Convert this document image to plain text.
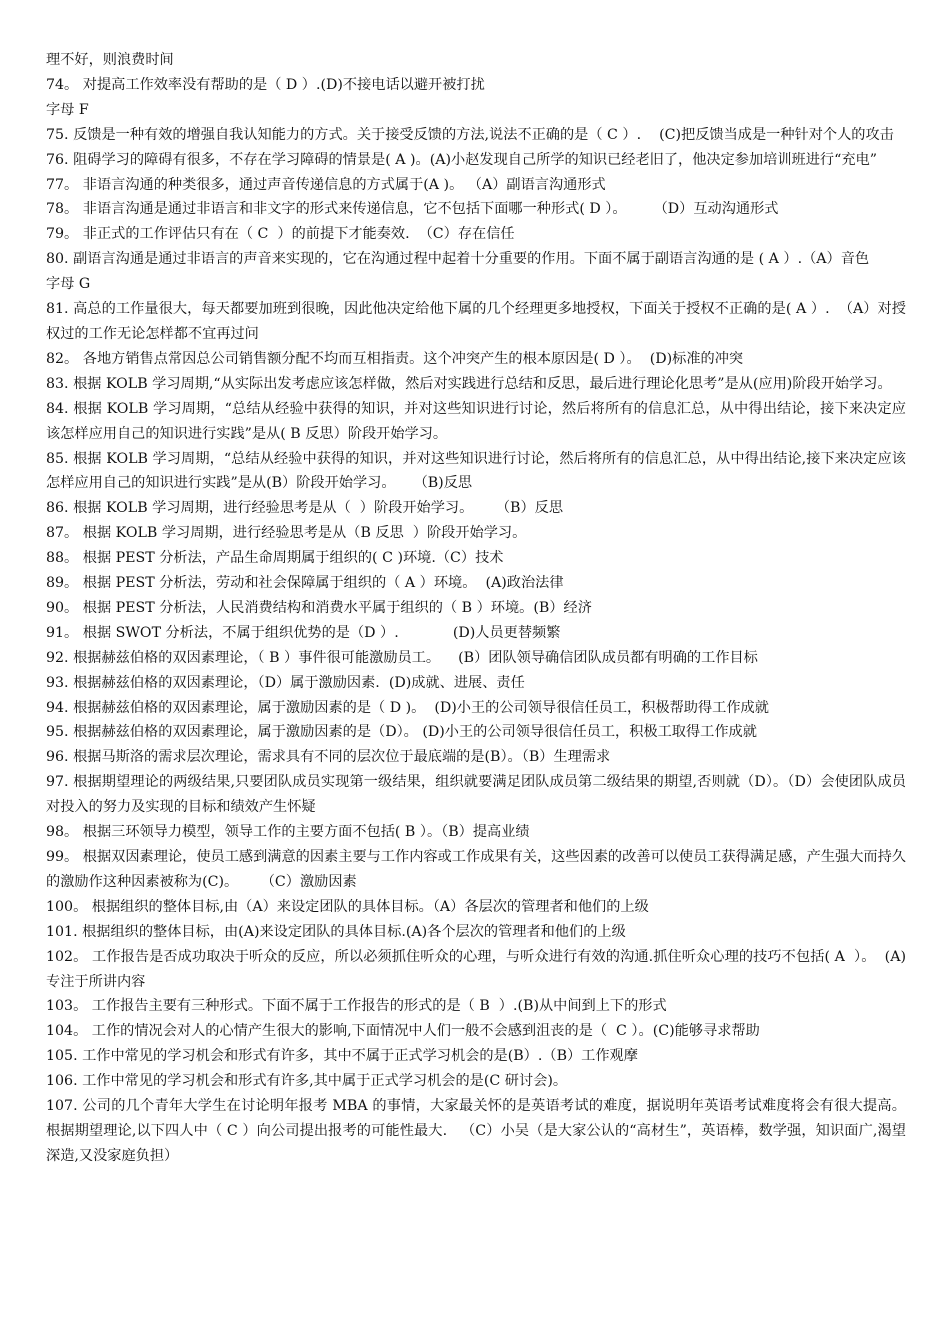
理不好，则浪费时间
74。 对提高工作效率没有帮助的是（ D ）.(D)不接电话以避开被打扰
字母 F
75. 反馈是一种有效的增强自我认知能力的方式。关于接受反馈的方法,说法不正确的是（ C ）.    (C)把反馈当成是一种针对个人的攻击
76. 阻碍学习的障碍有很多，不存在学习障碍的情景是( A )。(A)小赵发现自己所学的知识已经老旧了，他决定参加培训班进行“充电”
77。 非语言沟通的种类很多，通过声音传递信息的方式属于(A )。 （A）副语言沟通形式
78。 非语言沟通是通过非语言和非文字的形式来传递信息，它不包括下面哪一种形式( D ）。      （D）互动沟通形式
79。 非正式的工作评估只有在（ C  ）的前提下才能奏效.  （C）存在信任
80. 副语言沟通是通过非语言的声音来实现的，它在沟通过程中起着十分重要的作用。下面不属于副语言沟通的是 ( A ）.（A）音色
字母 G
81. 高总的工作量很大，每天都要加班到很晚，因此他决定给他下属的几个经理更多地授权，下面关于授权不正确的是( A ）.  （A）对授权过的工作无论怎样都不宜再过问
82。 各地方销售点常因总公司销售额分配不均而互相指责。这个冲突产生的根本原因是( D ）。  (D)标准的冲突
83. 根据 KOLB 学习周期,“从实际出发考虑应该怎样做，然后对实践进行总结和反思，最后进行理论化思考”是从(应用)阶段开始学习。
84. 根据 KOLB 学习周期，“总结从经验中获得的知识，并对这些知识进行讨论，然后将所有的信息汇总，从中得出结论，接下来决定应该怎样应用自己的知识进行实践”是从( B 反思）阶段开始学习。
85. 根据 KOLB 学习周期，“总结从经验中获得的知识，并对这些知识进行讨论，然后将所有的信息汇总，从中得出结论,接下来决定应该怎样应用自己的知识进行实践”是从(B）阶段开始学习。    （B)反思
86. 根据 KOLB 学习周期，进行经验思考是从（  ）阶段开始学习。     （B）反思
87。 根据 KOLB 学习周期，进行经验思考是从（B 反思  ）阶段开始学习。
88。 根据 PEST 分析法，产品生命周期属于组织的( C )环境.（C）技术
89。 根据 PEST 分析法，劳动和社会保障属于组织的（ A ）环境。  (A)政治法律
90。 根据 PEST 分析法，人民消费结构和消费水平属于组织的（ B ）环境。(B）经济
91。 根据 SWOT 分析法，不属于组织优势的是（D ）.            (D)人员更替频繁
92. 根据赫兹伯格的双因素理论，（ B ）事件很可能激励员工。    (B）团队领导确信团队成员都有明确的工作目标
93. 根据赫兹伯格的双因素理论，（D）属于激励因素.  (D)成就、进展、责任
94. 根据赫兹伯格的双因素理论，属于激励因素的是（ D )。  (D)小王的公司领导很信任员工，积极帮助得工作成就
95. 根据赫兹伯格的双因素理论，属于激励因素的是（D）。 (D)小王的公司领导很信任员工，积极工取得工作成就
96. 根据马斯洛的需求层次理论，需求具有不同的层次位于最底端的是(B）。（B）生理需求
97. 根据期望理论的两级结果,只要团队成员实现第一级结果，组织就要满足团队成员第二级结果的期望,否则就（D）。（D）会使团队成员对投入的努力及实现的目标和绩效产生怀疑
98。 根据三环领导力模型，领导工作的主要方面不包括( B ）。（B）提高业绩
99。 根据双因素理论，使员工感到满意的因素主要与工作内容或工作成果有关，这些因素的改善可以使员工获得满足感，产生强大而持久的激励作这种因素被称为(C)。     （C）激励因素
100。 根据组织的整体目标,由（A）来设定团队的具体目标。（A）各层次的管理者和他们的上级
101. 根据组织的整体目标，由(A)来设定团队的具体目标.(A)各个层次的管理者和他们的上级
102。 工作报告是否成功取决于听众的反应，所以必须抓住听众的心理，与听众进行有效的沟通.抓住听众心理的技巧不包括( A  ）。  (A)专注于所讲内容
103。 工作报告主要有三种形式。下面不属于工作报告的形式的是（ B  ）.(B)从中间到上下的形式
104。 工作的情况会对人的心情产生很大的影响,下面情况中人们一般不会感到沮丧的是（  C ）。(C)能够寻求帮助
105. 工作中常见的学习机会和形式有许多，其中不属于正式学习机会的是(B）.（B）工作观摩
106. 工作中常见的学习机会和形式有许多,其中属于正式学习机会的是(C 研讨会)。
107. 公司的几个青年大学生在讨论明年报考 MBA 的事情，大家最关怀的是英语考试的难度，据说明年英语考试难度将会有很大提高。根据期望理论,以下四人中（ C ）向公司提出报考的可能性最大.   （C）小吴（是大家公认的“高材生”，英语棒，数学强，知识面广,渴望深造,又没家庭负担）
